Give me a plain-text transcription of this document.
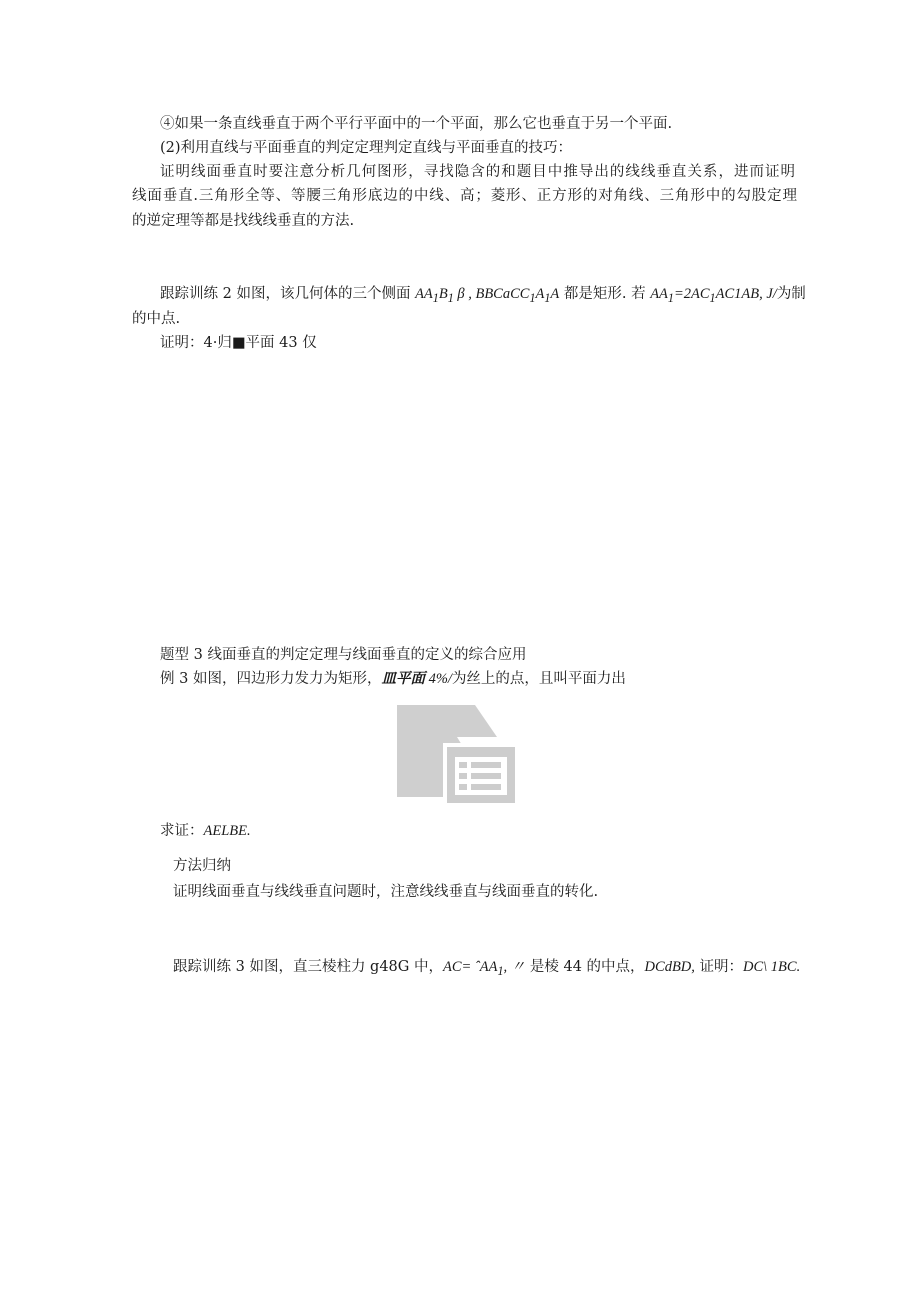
④如果一条直线垂直于两个平行平面中的一个平面，那么它也垂直于另一个平面.
(2)利用直线与平面垂直的判定定理判定直线与平面垂直的技巧：
证明线面垂直时要注意分析几何图形，寻找隐含的和题目中推导出的线线垂直关系，进而证明
线面垂直.三角形全等、等腰三角形底边的中线、高；菱形、正方形的对角线、三角形中的勾股定理
的逆定理等都是找线线垂直的方法.
跟踪训练 2 如图，该几何体的三个侧面 $AA_1B_1$ β , $BBCaCC_1A_1A$ 都是矩形. 若 $AA_1=2AC_1AC1AB$, J/为制
的中点.
证明：4·归■平面 43 仅
题型 3 线面垂直的判定定理与线面垂直的定义的综合应用
例 3 如图，四边形力发力为矩形，皿平面 4%/为丝上的点，且叫平面力出
求证：AELBE.
方法归纳
证明线面垂直与线线垂直问题时，注意线线垂直与线面垂直的转化.
跟踪训练 3 如图，直三棱柱力 g48G 中，AC= ˆAA$_1$, 〃 是棱 44 的中点，DCdBD, 证明：DC\ 1BC.
